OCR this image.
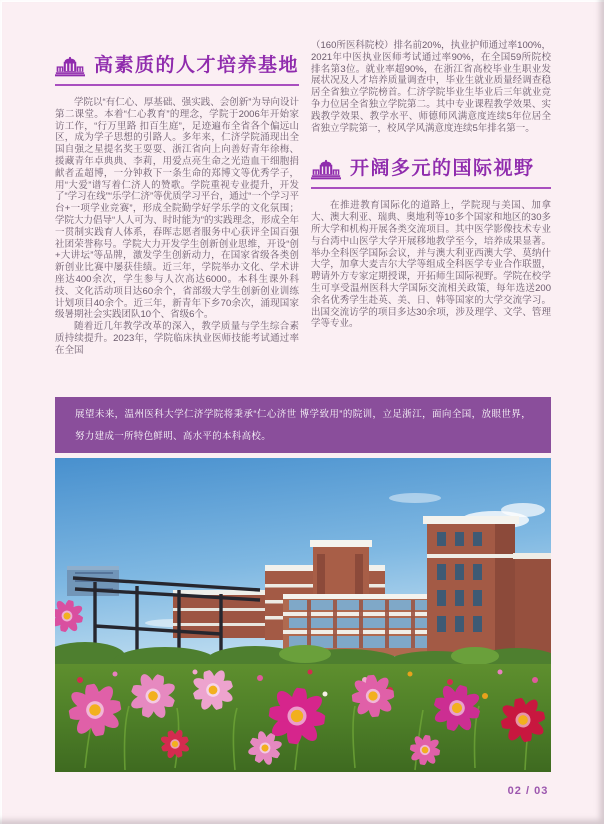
高素质的人才培养基地

学院以“有仁心、厚基础、强实践、会创新”为导向设计第二课堂。本着“仁心教育”的理念，学院于2006年开始家访工作，“行万里路 扣百生庭”，足迹遍布全省各个偏远山区，成为学子思想的引路人。多年来，仁济学院涌现出全国自强之星提名奖王耍耍、浙江省向上向善好青年徐梅、援藏青年卓典典、李莉，用爱点亮生命之光造血干细胞捐献者孟超博，一分钟救下一条生命的郑博文等优秀学子，用“大爱”谱写着仁济人的赞歌。学院重视专业提升，开发了“学习在线”“乐学仁济”等优质学习平台，通过“一个学习平台+一项学业竞赛”，形成全院勤学好学乐学的文化氛围；学院大力倡导“人人可为、时时能为”的实践理念，形成全年一贯制实践育人体系，春晖志愿者服务中心获评全国百强社团荣誉称号。学院大力开发学生创新创业思维，开设“创+大讲坛”等品牌，激发学生创新动力，在国家省级各类创新创业比赛中屡获佳绩。近三年，学院举办文化、学术讲座达400余次，学生参与人次高达6000。本科生课外科技、文化活动项目达60余个，省部级大学生创新创业训练计划项目40余个。近三年，新青年下乡70余次，涌现国家级暑期社会实践团队10个、省级6个。

随着近几年教学改革的深入，教学质量与学生综合素质持续提升。2023年，学院临床执业医师技能考试通过率在全国

（160所医科院校）排名前20%，执业护师通过率100%，2021年中医执业医师考试通过率90%，在全国59所院校排名第3位。就业率超90%，在浙江省高校毕业生职业发展状况及人才培养质量调查中，毕业生就业质量经调查稳居全省独立学院榜首。仁济学院毕业生毕业后三年就业竞争力位居全省独立学院第二。其中专业课程教学效果、实践教学效果、教学水平、师德师风满意度连续5年位居全省独立学院第一，校风学风满意度连续5年排名第一。

开阔多元的国际视野

在推进教育国际化的道路上，学院现与美国、加拿大、澳大利亚、瑞典、奥地利等10多个国家和地区的30多所大学和机构开展各类交流项目。其中医学影像技术专业与台湾中山医学大学开展移地教学至今，培养成果显著。举办全科医学国际会议，并与澳大利亚西澳大学、莫纳什大学，加拿大麦吉尔大学等组成全科医学专业合作联盟，聘请外方专家定期授课，开拓师生国际视野。学院在校学生可享受温州医科大学国际交流相关政策，每年选送200余名优秀学生赴英、美、日、韩等国家的大学交流学习。出国交流访学的项目多达30余项，涉及理学、文学、管理学等专业。

展望未来，温州医科大学仁济学院将秉承“仁心济世 博学致用”的院训，立足浙江，面向全国，放眼世界，努力建成一所特色鲜明、高水平的本科高校。
02 / 03
